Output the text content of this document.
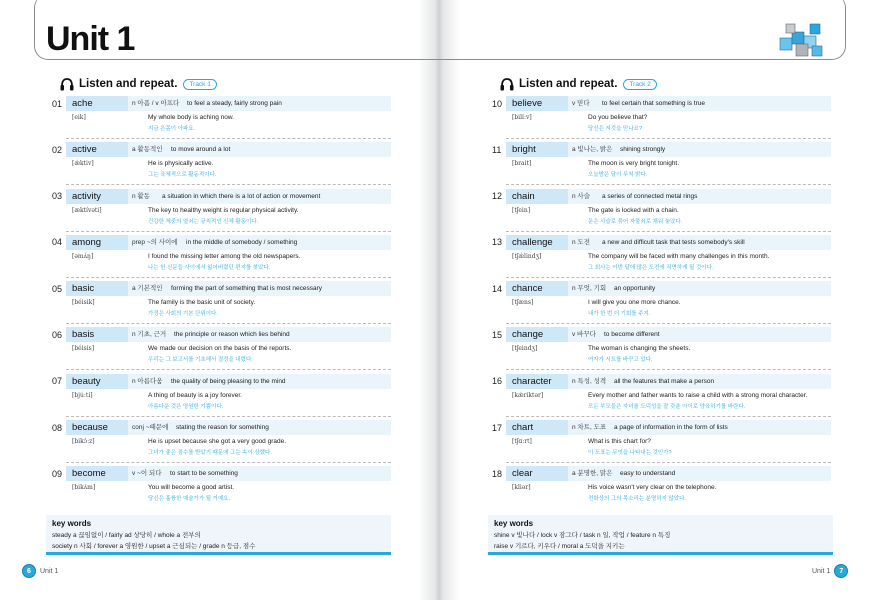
Unit 1
Listen and repeat.	Track 1
01	ache	n 아픔 / v 아프다 to feel a steady, fairly strong pain
[eik]	My whole body is aching now.
지금 온몸이 아파요.
02	active	a 활동적인 to move around a lot
[ǽktiv]	He is physically active.
그는 육체적으로 활동적이다.
03	activity	n 활동 a situation in which there is a lot of action or movement
[æktívəti]	The key to healthy weight is regular physical activity.
건강한 체중의 열쇠는 규칙적인 신체 활동이다.
04	among	prep ~의 사이에 in the middle of somebody / something
[əmʌ́ŋ]	I found the missing letter among the old newspapers.
나는 헌 신문들 사이에서 잃어버렸던 편지를 찾았다.
05	basic	a 기본적인 forming the part of something that is most necessary
[béisik]	The family is the basic unit of society.
가정은 사회의 기본 단위이다.
06	basis	n 기초, 근거 the principle or reason which lies behind
[béisis]	We made our decision on the basis of the reports.
우리는 그 보고서를 기초해서 결정을 내렸다.
07	beauty	n 아름다움 the quality of being pleasing to the mind
[bjúːti]	A thing of beauty is a joy forever.
아름다운 것은 영원한 기쁨이다.
08	because	conj ~때문에 stating the reason for something
[bikɔ́ːz]	He is upset because she got a very good grade.
그녀가 좋은 점수를 받았기 때문에 그는 속이 상했다.
09	become	v ~이 되다 to start to be something
[bikʌ́m]	You will become a good artist.
당신은 훌륭한 예술가가 될 거예요.
Listen and repeat.	Track 2
10	believe	v 믿다 to feel certain that something is true
[bilíːv]	Do you believe that?
당신은 저것을 믿나요?
11	bright	a 빛나는, 밝은 shining strongly
[brait]	The moon is very bright tonight.
오늘밤은 달이 무척 밝다.
12	chain	n 사슬 a series of connected metal rings
[tʃein]	The gate is locked with a chain.
문은 사슬로 묶어 자물쇠로 채워 놓았다.
13	challenge	n 도전 a new and difficult task that tests somebody's skill
[tʃǽlindʒ]	The company will be faced with many challenges in this month.
그 회사는 이번 달에 많은 도전에 직면하게 될 것이다.
14	chance	n 무엇, 기회 an opportunity
[tʃæns]	I will give you one more chance.
내가 한 번 더 기회를 주지.
15	change	v 바꾸다 to become different
[tʃeindʒ]	The woman is changing the sheets.
여자가 시트를 바꾸고 있다.
16	character	n 특성, 성격 all the features that make a person
[kǽriktər]	Every mother and father wants to raise a child with a strong moral character.
모든 부모들은 자녀를 도덕성을 잘 갖춘 아이로 양육하기를 바란다.
17	chart	n 차트, 도표 a page of information in the form of lists
[tʃɑːrt]	What is this chart for?
이 도표는 무엇을 나타내는 것인가?
18	clear	a 분명한, 맑은 easy to understand
[kliər]	His voice wasn't very clear on the telephone.
전화상의 그의 목소리는 분명하지 않았다.
key words
steady a 끊임없이 / fairly ad 상당히 / whole a 전부의
society n 사회 / forever a 영원한 / upset a 근심되는 / grade n 등급, 점수
key words
shine v 빛나다 / lock v 잠그다 / task n 일, 작업 / feature n 특징
raise v 기르다, 키우다 / moral a 도덕을 지키는
6	Unit 1	Unit 1	7
